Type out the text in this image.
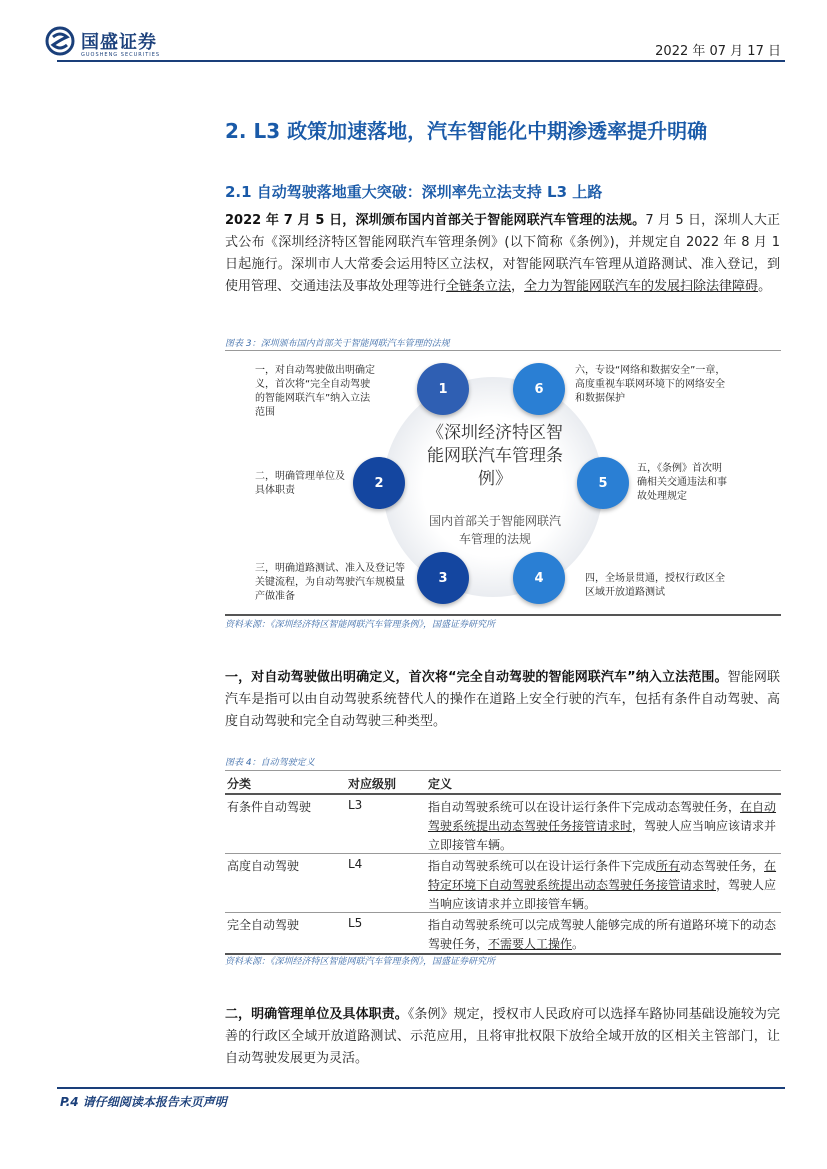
国盛证券
GUOSHENG SECURITIES	2022 年 07 月 17 日
2. L3 政策加速落地，汽车智能化中期渗透率提升明确
2.1 自动驾驶落地重大突破：深圳率先立法支持 L3 上路
2022 年 7 月 5 日，深圳颁布国内首部关于智能网联汽车管理的法规。7 月 5 日，深圳人大正式公布《深圳经济特区智能网联汽车管理条例》(以下简称《条例》)，并规定自 2022 年 8 月 1 日起施行。深圳市人大常委会运用特区立法权，对智能网联汽车管理从道路测试、准入登记，到使用管理、交通违法及事故处理等进行全链条立法，全力为智能网联汽车的发展扫除法律障碍。
图表 3：深圳颁布国内首部关于智能网联汽车管理的法规
《深圳经济特区智能网联汽车管理条例》
国内首部关于智能网联汽车管理的法规
1	6
2	5
3	4
一，对自动驾驶做出明确定义，首次将“完全自动驾驶的智能网联汽车”纳入立法范围
二，明确管理单位及具体职责
三，明确道路测试、准入及登记等关键流程，为自动驾驶汽车规模量产做准备
四，全场景贯通，授权行政区全区域开放道路测试
五，《条例》首次明确相关交通违法和事故处理规定
六，专设“网络和数据安全”一章，高度重视车联网环境下的网络安全和数据保护
资料来源：《深圳经济特区智能网联汽车管理条例》，国盛证券研究所
一，对自动驾驶做出明确定义，首次将“完全自动驾驶的智能网联汽车”纳入立法范围。智能网联汽车是指可以由自动驾驶系统替代人的操作在道路上安全行驶的汽车，包括有条件自动驾驶、高度自动驾驶和完全自动驾驶三种类型。
图表 4：自动驾驶定义
分类	对应级别	定义
有条件自动驾驶	L3	指自动驾驶系统可以在设计运行条件下完成动态驾驶任务，在自动驾驶系统提出动态驾驶任务接管请求时，驾驶人应当响应该请求并立即接管车辆。
高度自动驾驶	L4	指自动驾驶系统可以在设计运行条件下完成所有动态驾驶任务，在特定环境下自动驾驶系统提出动态驾驶任务接管请求时，驾驶人应当响应该请求并立即接管车辆。
完全自动驾驶	L5	指自动驾驶系统可以完成驾驶人能够完成的所有道路环境下的动态驾驶任务，不需要人工操作。
资料来源：《深圳经济特区智能网联汽车管理条例》，国盛证券研究所
二，明确管理单位及具体职责。《条例》规定，授权市人民政府可以选择车路协同基础设施较为完善的行政区全域开放道路测试、示范应用，且将审批权限下放给全域开放的区相关主管部门，让自动驾驶发展更为灵活。
P.4 请仔细阅读本报告末页声明
